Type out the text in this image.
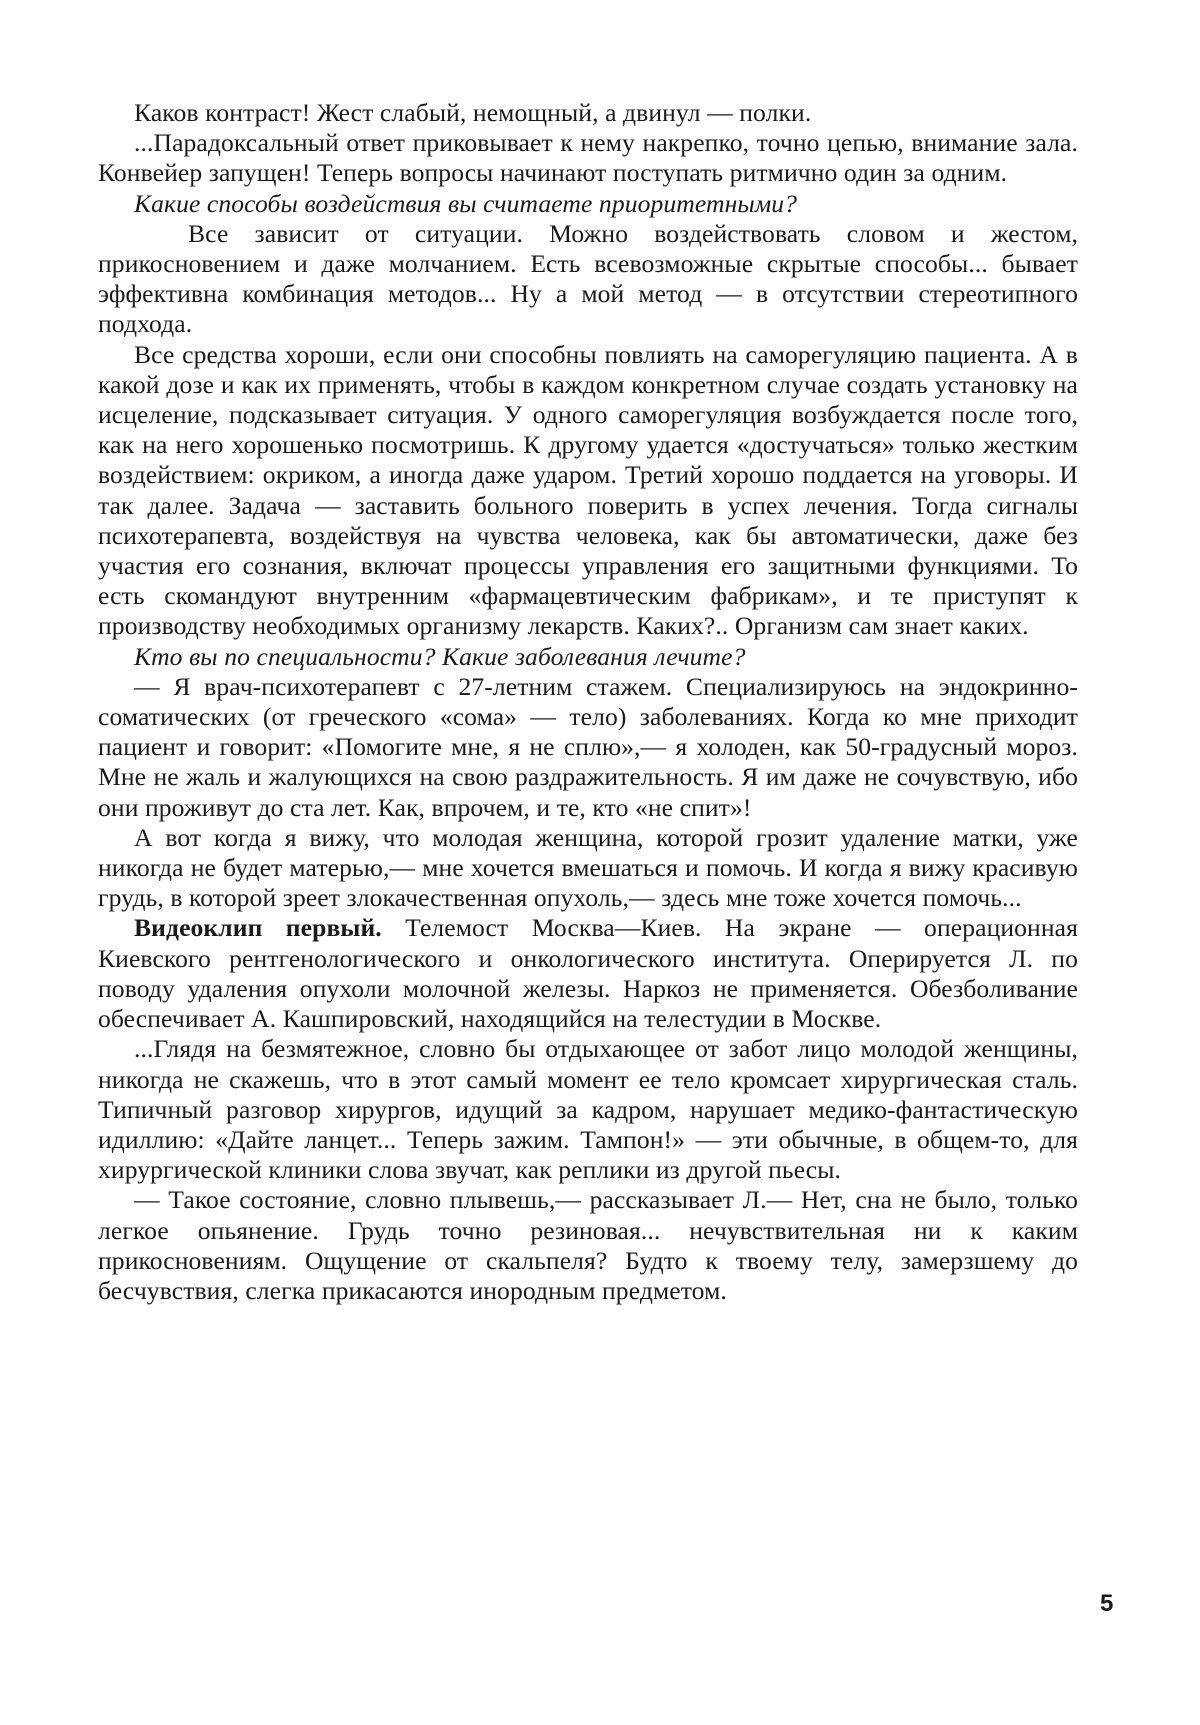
Каков контраст! Жест слабый, немощный, а двинул — полки.

...Парадоксальный ответ приковывает к нему накрепко, точно цепью, внимание зала. Конвейер запущен! Теперь вопросы начинают поступать ритмично один за одним.

Какие способы воздействия вы считаете приоритетными?

Все зависит от ситуации. Можно воздействовать словом и жестом, прикосновением и даже молчанием. Есть всевозможные скрытые способы... бывает эффективна комбинация методов... Ну а мой метод — в отсутствии стереотипного подхода.

Все средства хороши, если они способны повлиять на саморегуляцию пациента. А в какой дозе и как их применять, чтобы в каждом конкретном случае создать установку на исцеление, подсказывает ситуация. У одного саморегуляция возбуждается после того, как на него хорошенько посмотришь. К другому удается «достучаться» только жестким воздействием: окриком, а иногда даже ударом. Третий хорошо поддается на уговоры. И так далее. Задача — заставить больного поверить в успех лечения. Тогда сигналы психотерапевта, воздействуя на чувства человека, как бы автоматически, даже без участия его сознания, включат процессы управления его защитными функциями. То есть скомандуют внутренним «фармацевтическим фабрикам», и те приступят к производству необходимых организму лекарств. Каких?.. Организм сам знает каких.

Кто вы по специальности? Какие заболевания лечите?

— Я врач-психотерапевт с 27-летним стажем. Специализируюсь на эндокринно-соматических (от греческого «сома» — тело) заболеваниях. Когда ко мне приходит пациент и говорит: «Помогите мне, я не сплю»,— я холоден, как 50-градусный мороз. Мне не жаль и жалующихся на свою раздражительность. Я им даже не сочувствую, ибо они проживут до ста лет. Как, впрочем, и те, кто «не спит»!

А вот когда я вижу, что молодая женщина, которой грозит удаление матки, уже никогда не будет матерью,— мне хочется вмешаться и помочь. И когда я вижу красивую грудь, в которой зреет злокачественная опухоль,— здесь мне тоже хочется помочь...

Видеоклип первый. Телемост Москва—Киев. На экране — операционная Киевского рентгенологического и онкологического института. Оперируется Л. по поводу удаления опухоли молочной железы. Наркоз не применяется. Обезболивание обеспечивает А. Кашпировский, находящийся на телестудии в Москве.

...Глядя на безмятежное, словно бы отдыхающее от забот лицо молодой женщины, никогда не скажешь, что в этот самый момент ее тело кромсает хирургическая сталь. Типичный разговор хирургов, идущий за кадром, нарушает медико-фантастическую идиллию: «Дайте ланцет... Теперь зажим. Тампон!» — эти обычные, в общем-то, для хирургической клиники слова звучат, как реплики из другой пьесы.

— Такое состояние, словно плывешь,— рассказывает Л.— Нет, сна не было, только легкое опьянение. Грудь точно резиновая... нечувствительная ни к каким прикосновениям. Ощущение от скальпеля? Будто к твоему телу, замерзшему до бесчувствия, слегка прикасаются инородным предметом.

5
